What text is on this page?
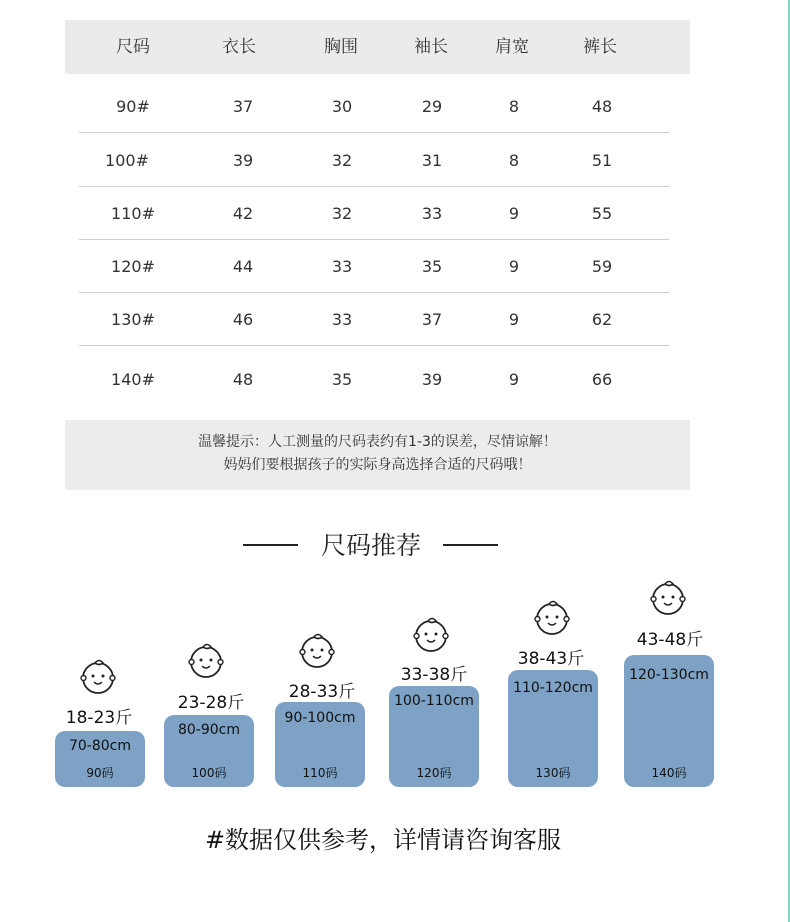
尺码	衣长	胸围	袖长	肩宽	裤长
90#	37	30	29	8	48
100#	39	32	31	8	51
110#	42	32	33	9	55
120#	44	33	35	9	59
130#	46	33	37	9	62
140#	48	35	39	9	66
温馨提示：人工测量的尺码表约有1-3的误差，尽情谅解！
妈妈们要根据孩子的实际身高选择合适的尺码哦！
尺码推荐
18-23斤
70-80cm
90码
23-28斤
80-90cm
100码
28-33斤
90-100cm
110码
33-38斤
100-110cm
120码
38-43斤
110-120cm
130码
43-48斤
120-130cm
140码
#数据仅供参考，详情请咨询客服
